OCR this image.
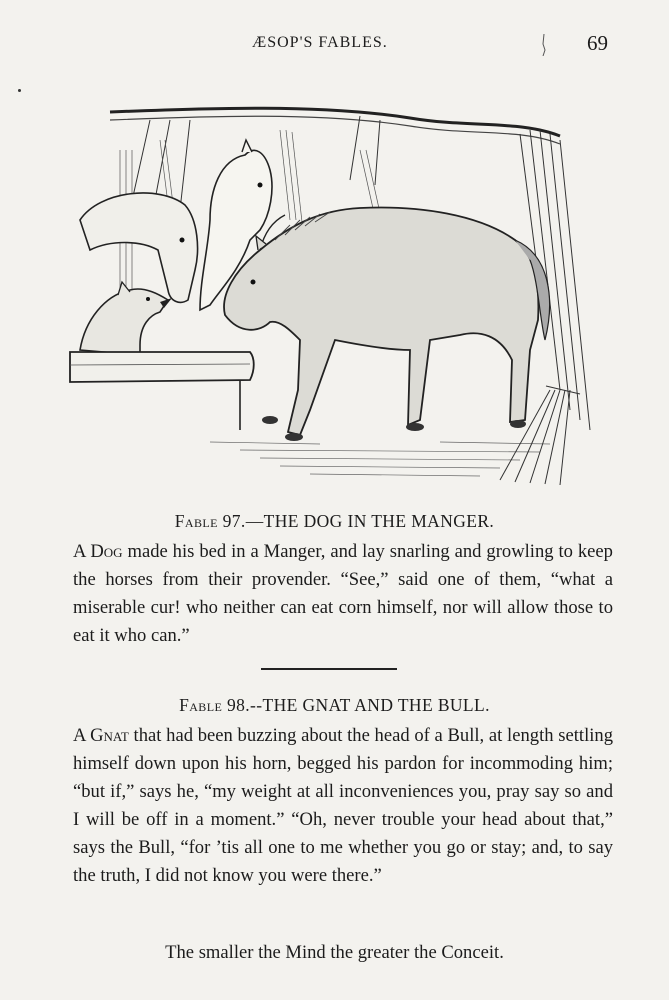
ÆSOP'S FABLES.	69
Fable 97.—THE DOG IN THE MANGER.
A Dog made his bed in a Manger, and lay snarling and growling to keep the horses from their provender. “See,” said one of them, “what a miserable cur! who neither can eat corn himself, nor will allow those to eat it who can.”
Fable 98.--THE GNAT AND THE BULL.
A Gnat that had been buzzing about the head of a Bull, at length settling himself down upon his horn, begged his pardon for incommoding him; “but if,” says he, “my weight at all inconveniences you, pray say so and I will be off in a moment.” “Oh, never trouble your head about that,” says the Bull, “for ’tis all one to me whether you go or stay; and, to say the truth, I did not know you were there.”
The smaller the Mind the greater the Conceit.
